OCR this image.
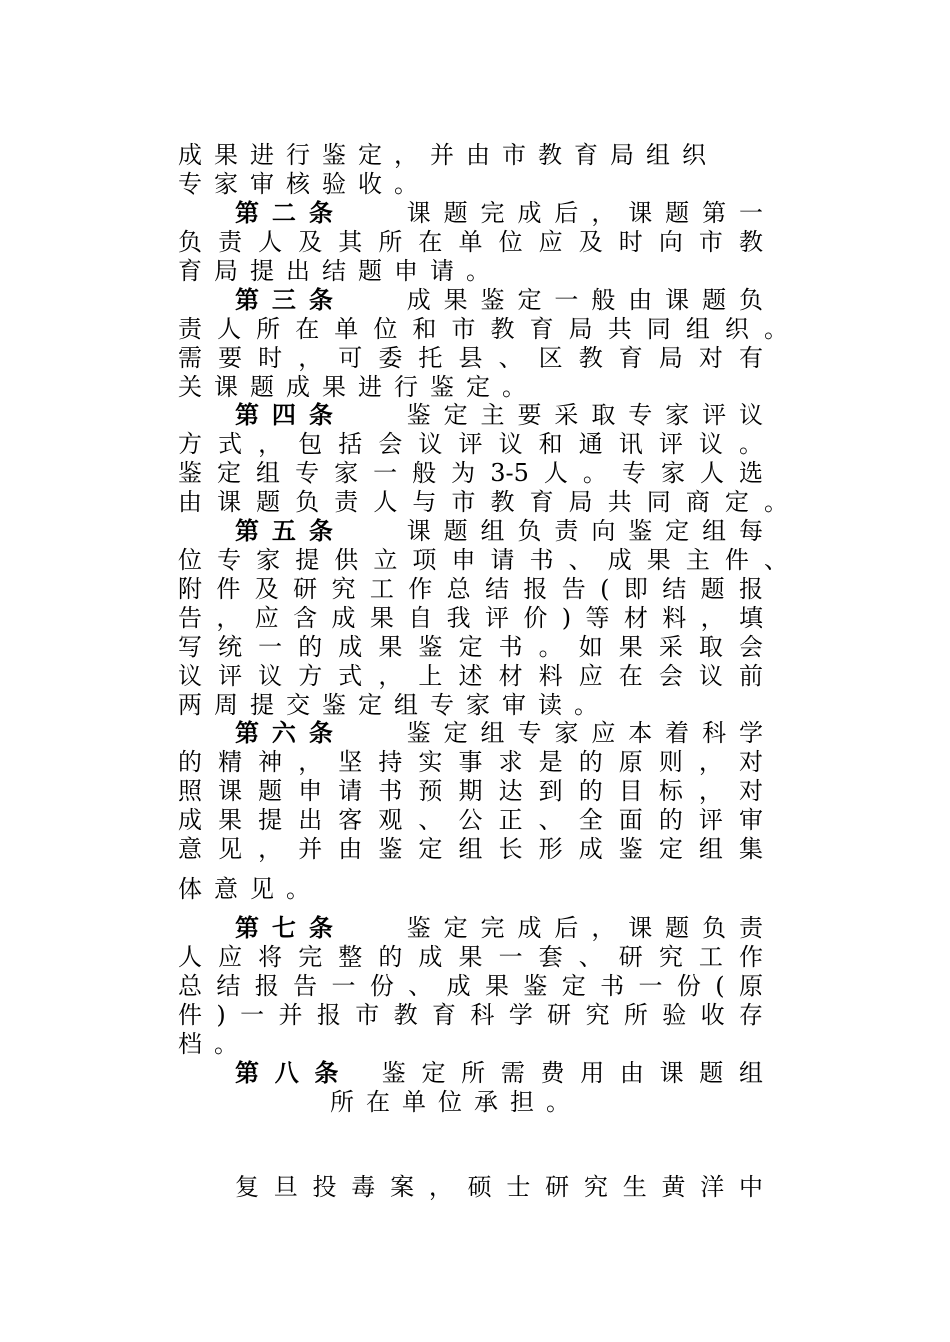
成果进行鉴定，并由市教育局组织
专家审核验收。
第二条   课题完成后，课题第一
负责人及其所在单位应及时向市教
育局提出结题申请。
第三条   成果鉴定一般由课题负
责人所在单位和市教育局共同组织。
需要时，可委托县、区教育局对有
关课题成果进行鉴定。
第四条   鉴定主要采取专家评议
方式，包括会议评议和通讯评议。
鉴定组专家一般为3-5人。专家人选
由课题负责人与市教育局共同商定。
第五条   课题组负责向鉴定组每
位专家提供立项申请书、成果主件、
附件及研究工作总结报告(即结题报
告，应含成果自我评价)等材料，填
写统一的成果鉴定书。如果采取会
议评议方式，上述材料应在会议前
两周提交鉴定组专家审读。
第六条   鉴定组专家应本着科学
的精神，坚持实事求是的原则，对
照课题申请书预期达到的目标，对
成果提出客观、公正、全面的评审
意见，并由鉴定组长形成鉴定组集
体意见。
第七条   鉴定完成后，课题负责
人应将完整的成果一套、研究工作
总结报告一份、成果鉴定书一份(原
件)一并报市教育科学研究所验收存
档。
第八条  鉴定所需费用由课题组
所在单位承担。
复旦投毒案，硕士研究生黄洋中
